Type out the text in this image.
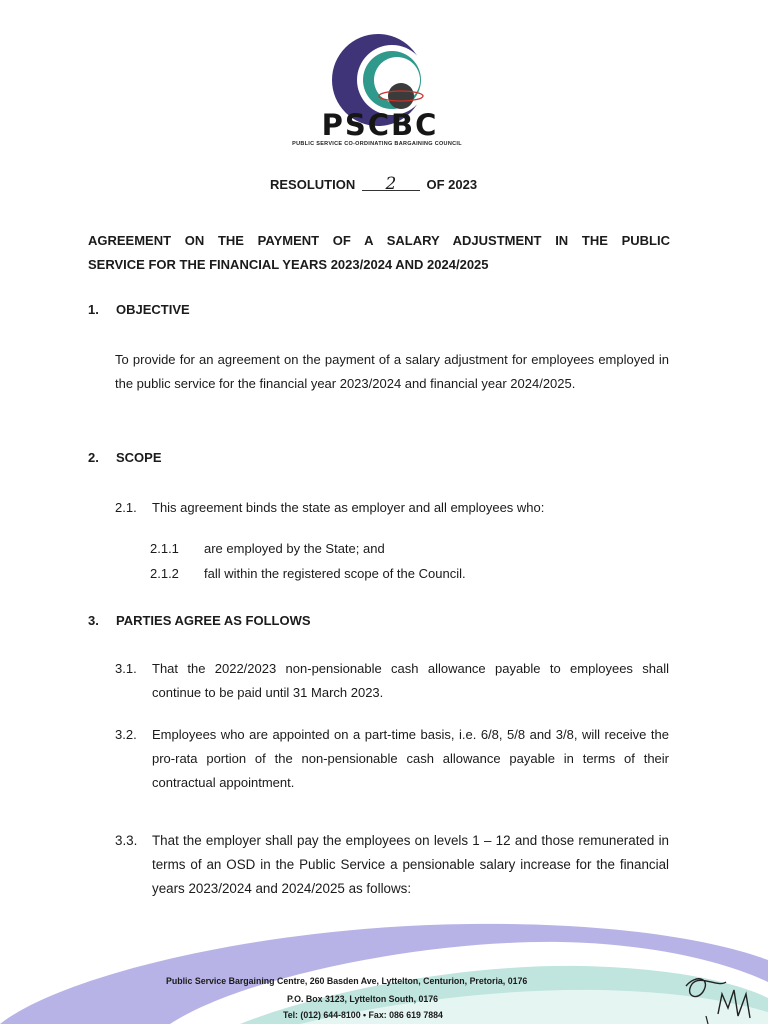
PSCBC
PUBLIC SERVICE CO-ORDINATING BARGAINING COUNCIL
RESOLUTION 2 OF 2023
AGREEMENT ON THE PAYMENT OF A SALARY ADJUSTMENT IN THE PUBLIC
SERVICE FOR THE FINANCIAL YEARS 2023/2024 AND 2024/2025
1. OBJECTIVE
To provide for an agreement on the payment of a salary adjustment for employees employed in the public service for the financial year 2023/2024 and financial year 2024/2025.
2. SCOPE
2.1. This agreement binds the state as employer and all employees who:
2.1.1 are employed by the State; and
2.1.2 fall within the registered scope of the Council.
3. PARTIES AGREE AS FOLLOWS
3.1. That the 2022/2023 non-pensionable cash allowance payable to employees shall continue to be paid until 31 March 2023.
3.2. Employees who are appointed on a part-time basis, i.e. 6/8, 5/8 and 3/8, will receive the pro-rata portion of the non-pensionable cash allowance payable in terms of their contractual appointment.
3.3. That the employer shall pay the employees on levels 1 – 12 and those remunerated in terms of an OSD in the Public Service a pensionable salary increase for the financial years 2023/2024 and 2024/2025 as follows:
Public Service Bargaining Centre, 260 Basden Ave, Lyttelton, Centurion, Pretoria, 0176
P.O. Box 3123, Lyttelton South, 0176
Tel: (012) 644-8100 • Fax: 086 619 7884
